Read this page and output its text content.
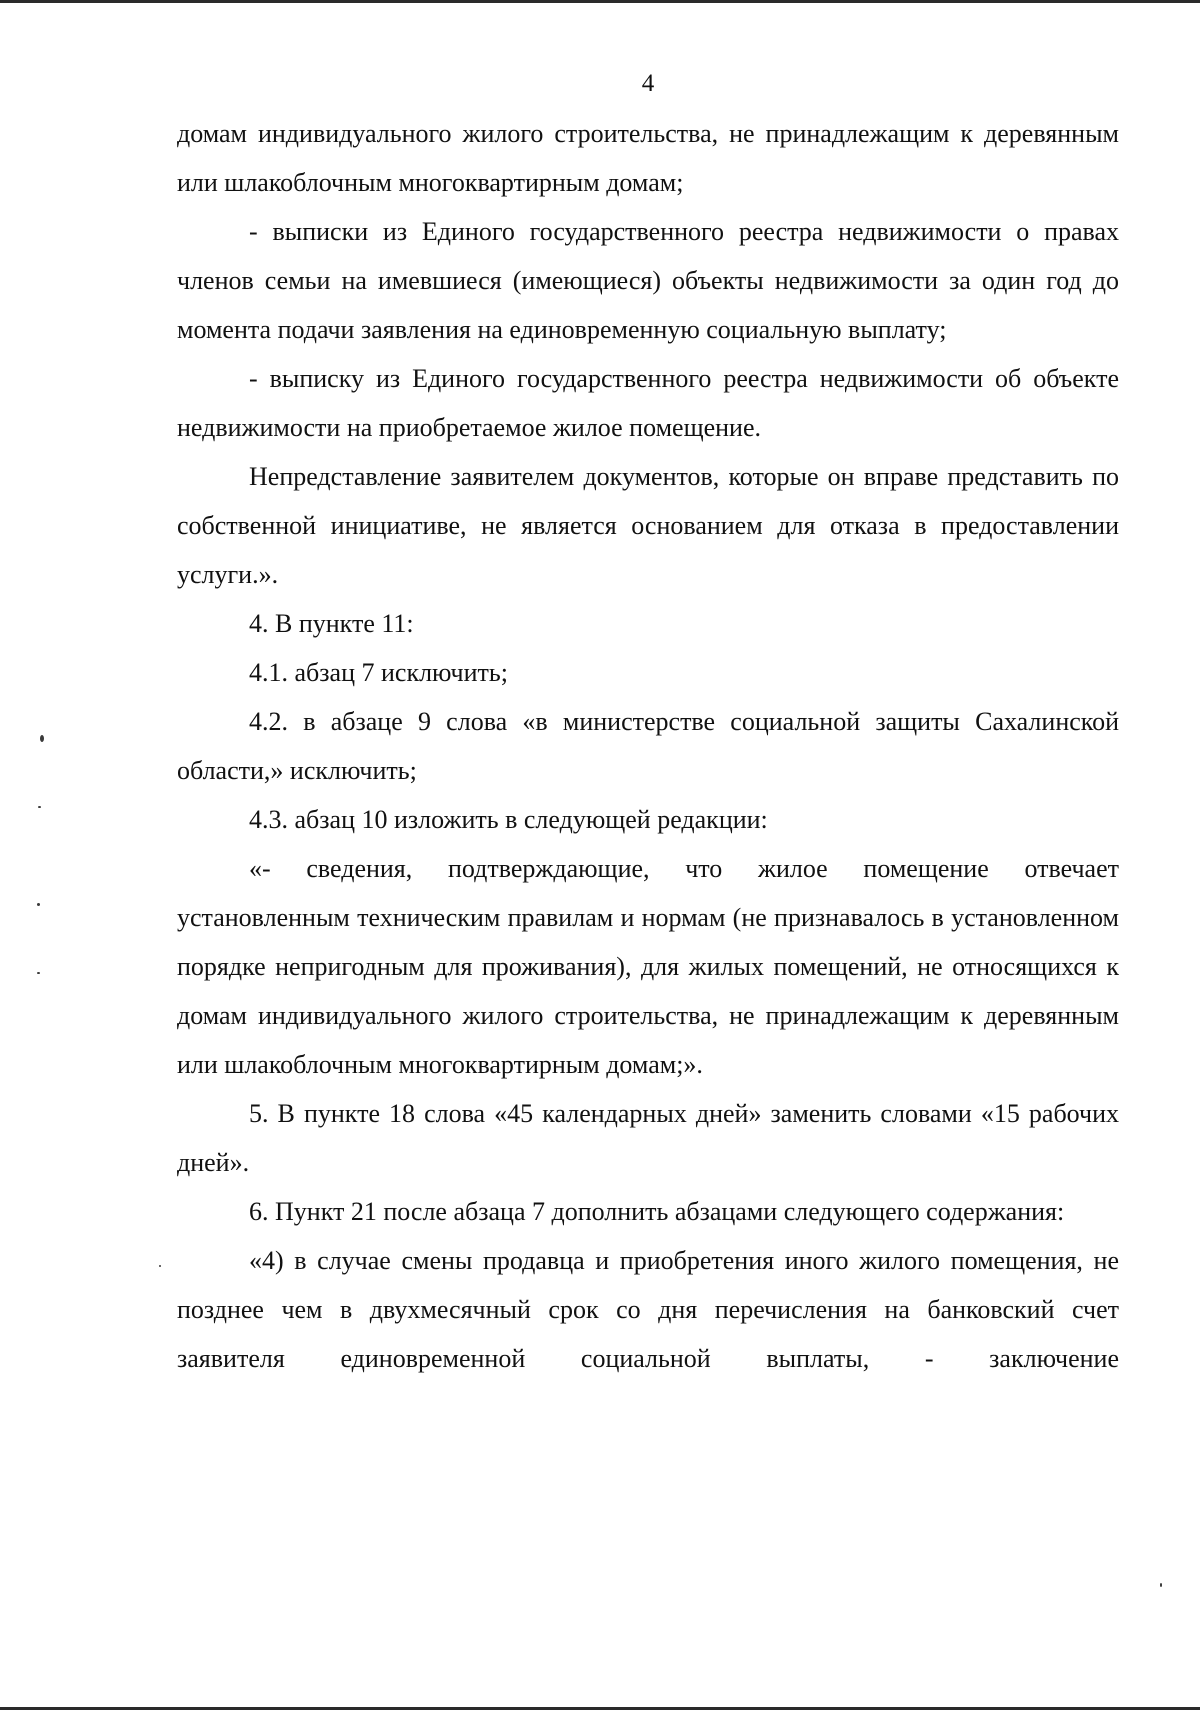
4

домам индивидуального жилого строительства, не принадлежащим к деревянным или шлакоблочным многоквартирным домам;

- выписки из Единого государственного реестра недвижимости о правах членов семьи на имевшиеся (имеющиеся) объекты недвижимости за один год до момента подачи заявления на единовременную социальную выплату;

- выписку из Единого государственного реестра недвижимости об объекте недвижимости на приобретаемое жилое помещение.

Непредставление заявителем документов, которые он вправе представить по собственной инициативе, не является основанием для отказа в предоставлении услуги.».

4. В пункте 11:

4.1. абзац 7 исключить;

4.2. в абзаце 9 слова «в министерстве социальной защиты Сахалинской области,» исключить;

4.3. абзац 10 изложить в следующей редакции:

«- сведения, подтверждающие, что жилое помещение отвечает установленным техническим правилам и нормам (не признавалось в установленном порядке непригодным для проживания), для жилых помещений, не относящихся к домам индивидуального жилого строительства, не принадлежащим к деревянным или шлакоблочным многоквартирным домам;».

5. В пункте 18 слова «45 календарных дней» заменить словами «15 рабочих дней».

6. Пункт 21 после абзаца 7 дополнить абзацами следующего содержания:

«4) в случае смены продавца и приобретения иного жилого помещения, не позднее чем в двухмесячный срок со дня перечисления на банковский счет заявителя единовременной социальной выплаты, - заключение
